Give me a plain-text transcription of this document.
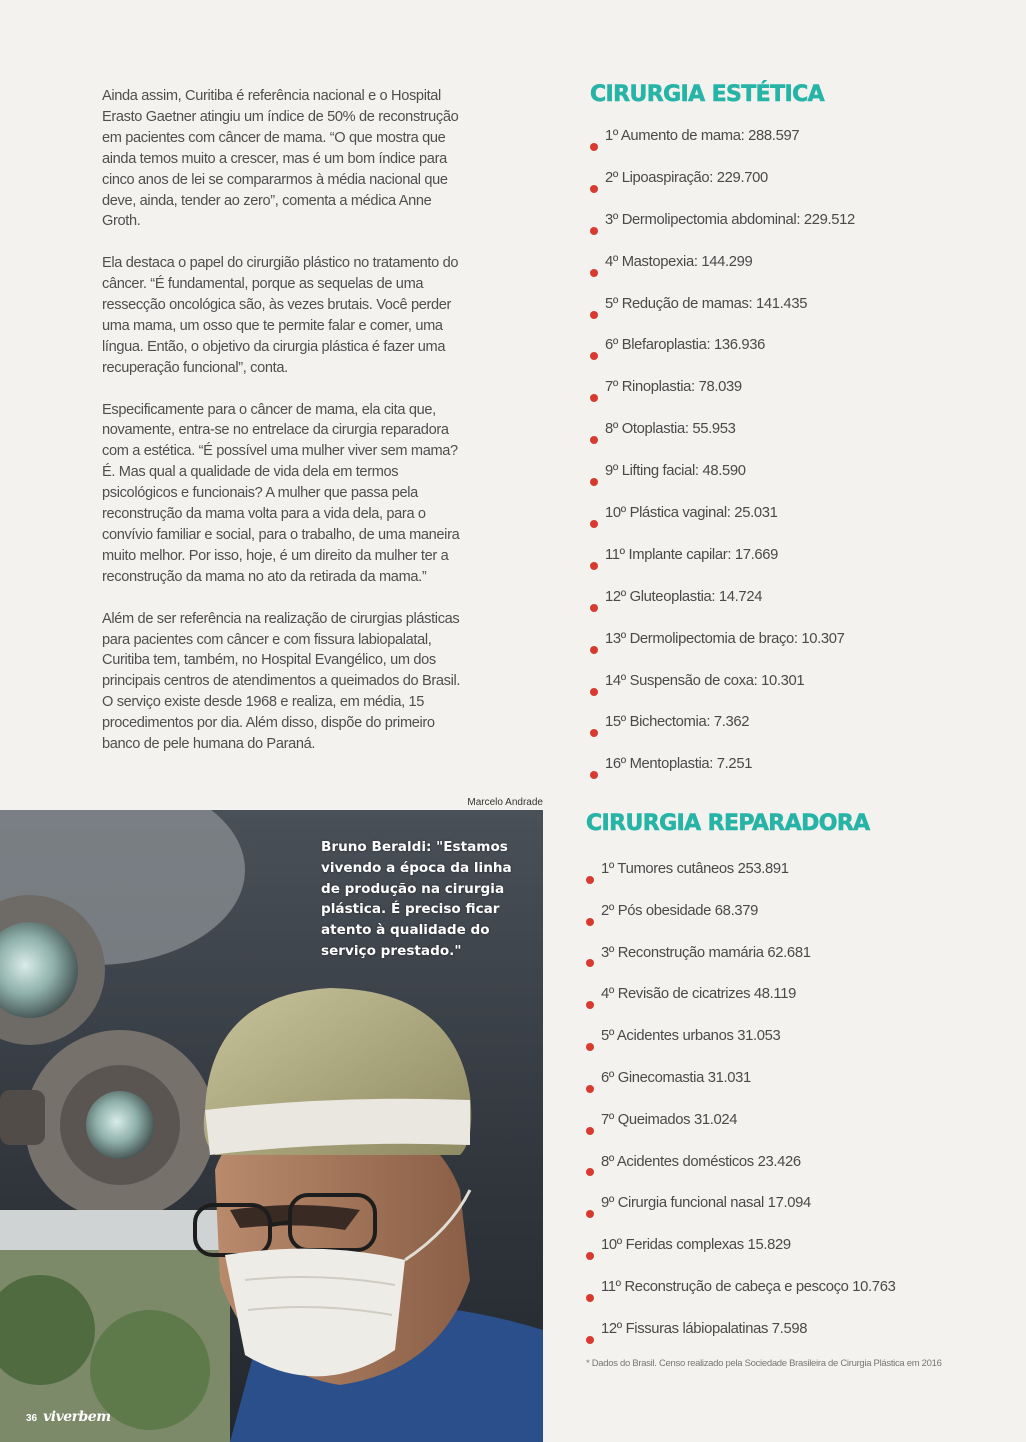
Ainda assim, Curitiba é referência nacional e o Hospital Erasto Gaetner atingiu um índice de 50% de reconstrução em pacientes com câncer de mama. “O que mostra que ainda temos muito a crescer, mas é um bom índice para cinco anos de lei se compararmos à média nacional que deve, ainda, tender ao zero”, comenta a médica Anne Groth.

Ela destaca o papel do cirurgião plástico no tratamento do câncer. “É fundamental, porque as sequelas de uma ressecção oncológica são, às vezes brutais. Você perder uma mama, um osso que te permite falar e comer, uma língua. Então, o objetivo da cirurgia plástica é fazer uma recuperação funcional”, conta.

Especificamente para o câncer de mama, ela cita que, novamente, entra-se no entrelace da cirurgia reparadora com a estética. “É possível uma mulher viver sem mama? É. Mas qual a qualidade de vida dela em termos psicológicos e funcionais? A mulher que passa pela reconstrução da mama volta para a vida dela, para o convívio familiar e social, para o trabalho, de uma maneira muito melhor. Por isso, hoje, é um direito da mulher ter a reconstrução da mama no ato da retirada da mama.”

Além de ser referência na realização de cirurgias plásticas para pacientes com câncer e com fissura labiopalatal, Curitiba tem, também, no Hospital Evangélico, um dos principais centros de atendimentos a queimados do Brasil. O serviço existe desde 1968 e realiza, em média, 15 procedimentos por dia. Além disso, dispõe do primeiro banco de pele humana do Paraná.

CIRURGIA ESTÉTICA
1º Aumento de mama: 288.597
2º Lipoaspiração: 229.700
3º Dermolipectomia abdominal: 229.512
4º Mastopexia: 144.299
5º Redução de mamas: 141.435
6º Blefaroplastia: 136.936
7º Rinoplastia: 78.039
8º Otoplastia: 55.953
9º Lifting facial: 48.590
10º Plástica vaginal: 25.031
11º Implante capilar: 17.669
12º Gluteoplastia: 14.724
13º Dermolipectomia de braço: 10.307
14º Suspensão de coxa: 10.301
15º Bichectomia: 7.362
16º Mentoplastia: 7.251
CIRURGIA REPARADORA
1º Tumores cutâneos 253.891
2º Pós obesidade 68.379
3º Reconstrução mamária 62.681
4º Revisão de cicatrizes 48.119
5º Acidentes urbanos 31.053
6º Ginecomastia 31.031
7º Queimados 31.024
8º Acidentes domésticos 23.426
9º Cirurgia funcional nasal 17.094
10º Feridas complexas 15.829
11º Reconstrução de cabeça e pescoço 10.763
12º Fissuras lábiopalatinas 7.598
* Dados do Brasil. Censo realizado pela Sociedade Brasileira de Cirurgia Plástica em 2016
Marcelo Andrade
Bruno Beraldi: "Estamos vivendo a época da linha de produção na cirurgia plástica. É preciso ficar atento à qualidade do serviço prestado."
36 viverbem
